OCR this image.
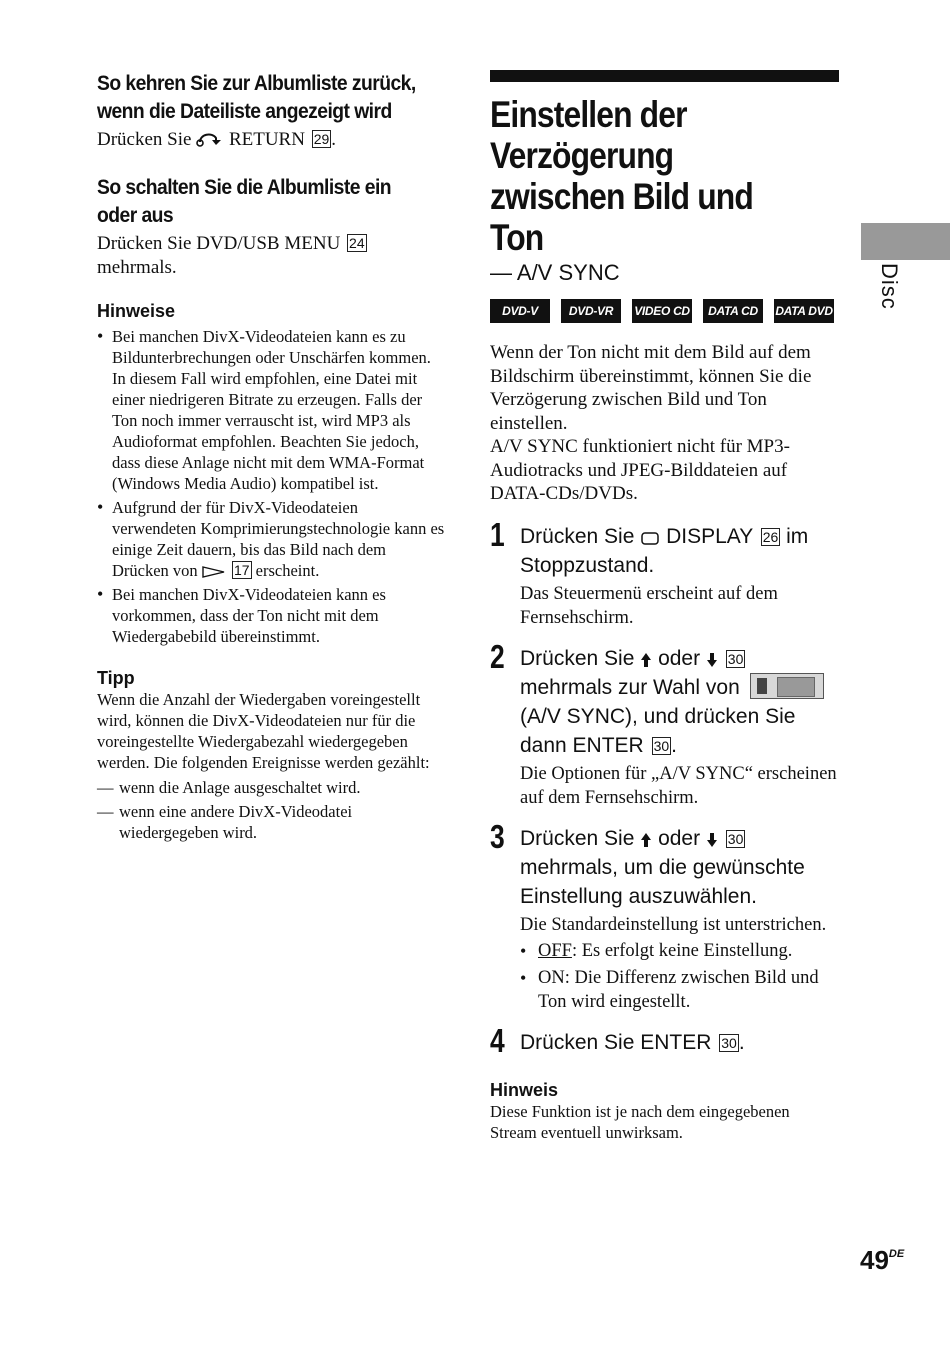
So kehren Sie zur Albumliste zurück, wenn die Dateiliste angezeigt wird

Drücken Sie RETURN 29 .

So schalten Sie die Albumliste ein oder aus

Drücken Sie DVD/USB MENU 24
mehrmals.

Hinweise

• Bei manchen DivX-Videodateien kann es zu Bildunterbrechungen oder Unschärfen kommen. In diesem Fall wird empfohlen, eine Datei mit einer niedrigeren Bitrate zu erzeugen. Falls der Ton noch immer verrauscht ist, wird MP3 als Audioformat empfohlen. Beachten Sie jedoch, dass diese Anlage nicht mit dem WMA-Format (Windows Media Audio) kompatibel ist.
• Aufgrund der für DivX-Videodateien verwendeten Komprimierungstechnologie kann es einige Zeit dauern, bis das Bild nach dem Drücken von	17 erscheint.
• Bei manchen DivX-Videodateien kann es vorkommen, dass der Ton nicht mit dem Wiedergabebild übereinstimmt.

Tipp

Wenn die Anzahl der Wiedergaben voreingestellt wird, können die DivX-Videodateien nur für die voreingestellte Wiedergabezahl wiedergegeben werden. Die folgenden Ereignisse werden gezählt:

— wenn die Anlage ausgeschaltet wird.
— wenn eine andere DivX-Videodatei wiedergegeben wird.
Einstellen der Verzögerung zwischen Bild und Ton

— A/V SYNC

DVD-V	DVD-VR	VIDEO CD	DATA CD	DATA DVD

Wenn der Ton nicht mit dem Bild auf dem Bildschirm übereinstimmt, können Sie die Verzögerung zwischen Bild und Ton einstellen.
A/V SYNC funktioniert nicht für MP3-Audiotracks und JPEG-Bilddateien auf DATA-CDs/DVDs.

1 Drücken Sie DISPLAY 26 im Stoppzustand.

Das Steuermenü erscheint auf dem Fernsehschirm.

2 Drücken Sie oder 30 mehrmals zur Wahl von
(A/V SYNC), und drücken Sie dann ENTER 30.

Die Optionen für „A/V SYNC“ erscheinen auf dem Fernsehschirm.

3 Drücken Sie oder 30 mehrmals, um die gewünschte Einstellung auszuwählen.

Die Standardeinstellung ist unterstrichen.

• OFF: Es erfolgt keine Einstellung.
• ON: Die Differenz zwischen Bild und Ton wird eingestellt.
4 Drücken Sie ENTER 30.

Hinweis

Diese Funktion ist je nach dem eingegebenen Stream eventuell unwirksam.

Disc
49DE
